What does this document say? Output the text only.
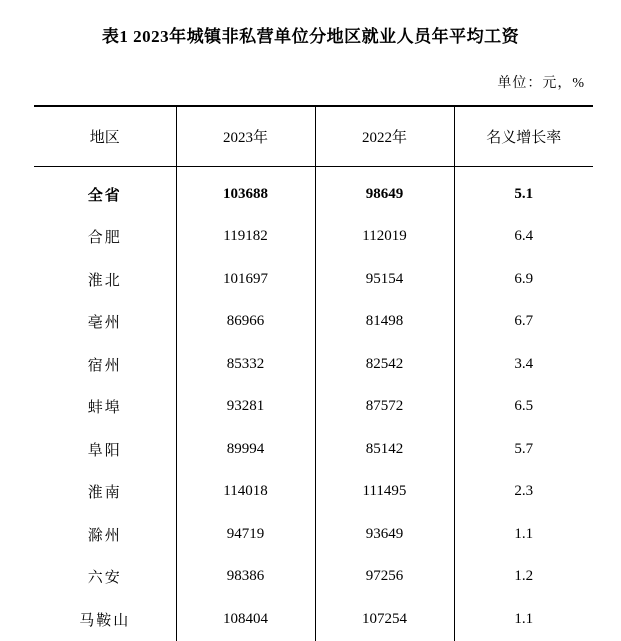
表1 2023年城镇非私营单位分地区就业人员年平均工资
单位：元，%
地区	2023年	2022年	名义增长率
全省	103688	98649	5.1
合肥	119182	112019	6.4
淮北	101697	95154	6.9
亳州	86966	81498	6.7
宿州	85332	82542	3.4
蚌埠	93281	87572	6.5
阜阳	89994	85142	5.7
淮南	114018	111495	2.3
滁州	94719	93649	1.1
六安	98386	97256	1.2
马鞍山	108404	107254	1.1
